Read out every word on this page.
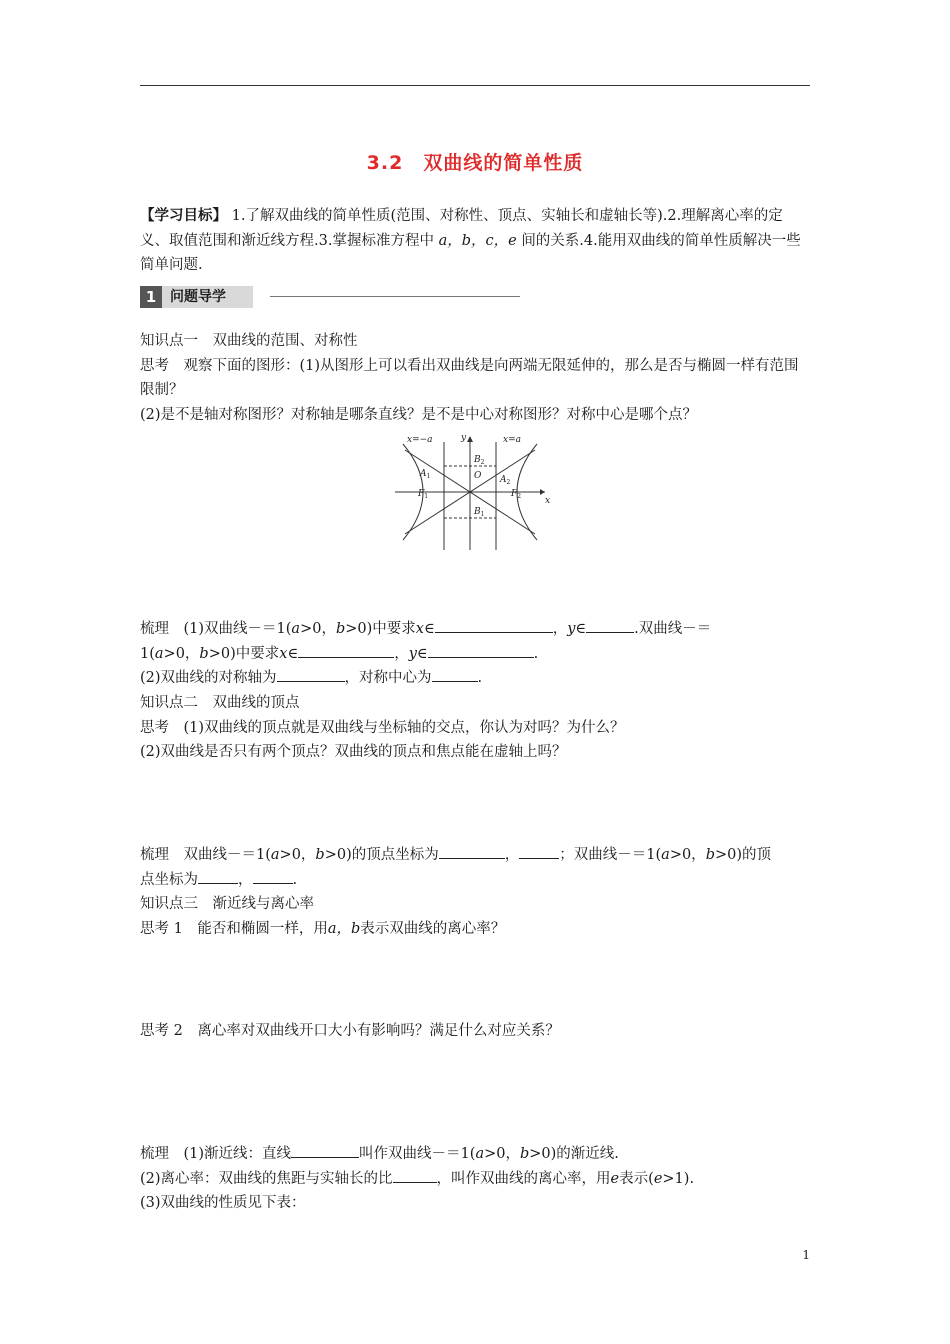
3.2　双曲线的简单性质

【学习目标】 1.了解双曲线的简单性质(范围、对称性、顶点、实轴长和虚轴长等).2.理解离心率的定义、取值范围和渐近线方程.3.掌握标准方程中 a，b，c，e 间的关系.4.能用双曲线的简单性质解决一些简单问题.

1 问题导学

知识点一　双曲线的范围、对称性

思考　 观察下面的图形：(1)从图形上可以看出双曲线是向两端无限延伸的，那么是否与椭圆一样有范围限制？

(2)是不是轴对称图形？对称轴是哪条直线？是不是中心对称图形？对称中心是哪个点？

x=−a	x=a
y
x
O
$A_1$	$A_2$
$B_2$
$B_1$
$F_1$	$F_2$

梳理　 (1)双曲线－＝1(a>0，b>0)中要求x∈	，y∈	.双曲线－＝

1(a>0，b>0)中要求x∈	，y∈	.

(2)双曲线的对称轴为	，对称中心为	.

知识点二　双曲线的顶点

思考　 (1)双曲线的顶点就是双曲线与坐标轴的交点，你认为对吗？为什么？

(2)双曲线是否只有两个顶点？双曲线的顶点和焦点能在虚轴上吗？

梳理　 双曲线－＝1(a>0，b>0)的顶点坐标为	，	；双曲线－＝1(a>0，b>0)的顶

点坐标为	，	.

知识点三　渐近线与离心率

思考 1　 能否和椭圆一样，用a，b表示双曲线的离心率？

思考 2　 离心率对双曲线开口大小有影响吗？满足什么对应关系？

梳理　 (1)渐近线：直线	叫作双曲线－＝1(a>0，b>0)的渐近线.

(2)离心率：双曲线的焦距与实轴长的比	，叫作双曲线的离心率，用e表示(e>1).

(3)双曲线的性质见下表：

1
